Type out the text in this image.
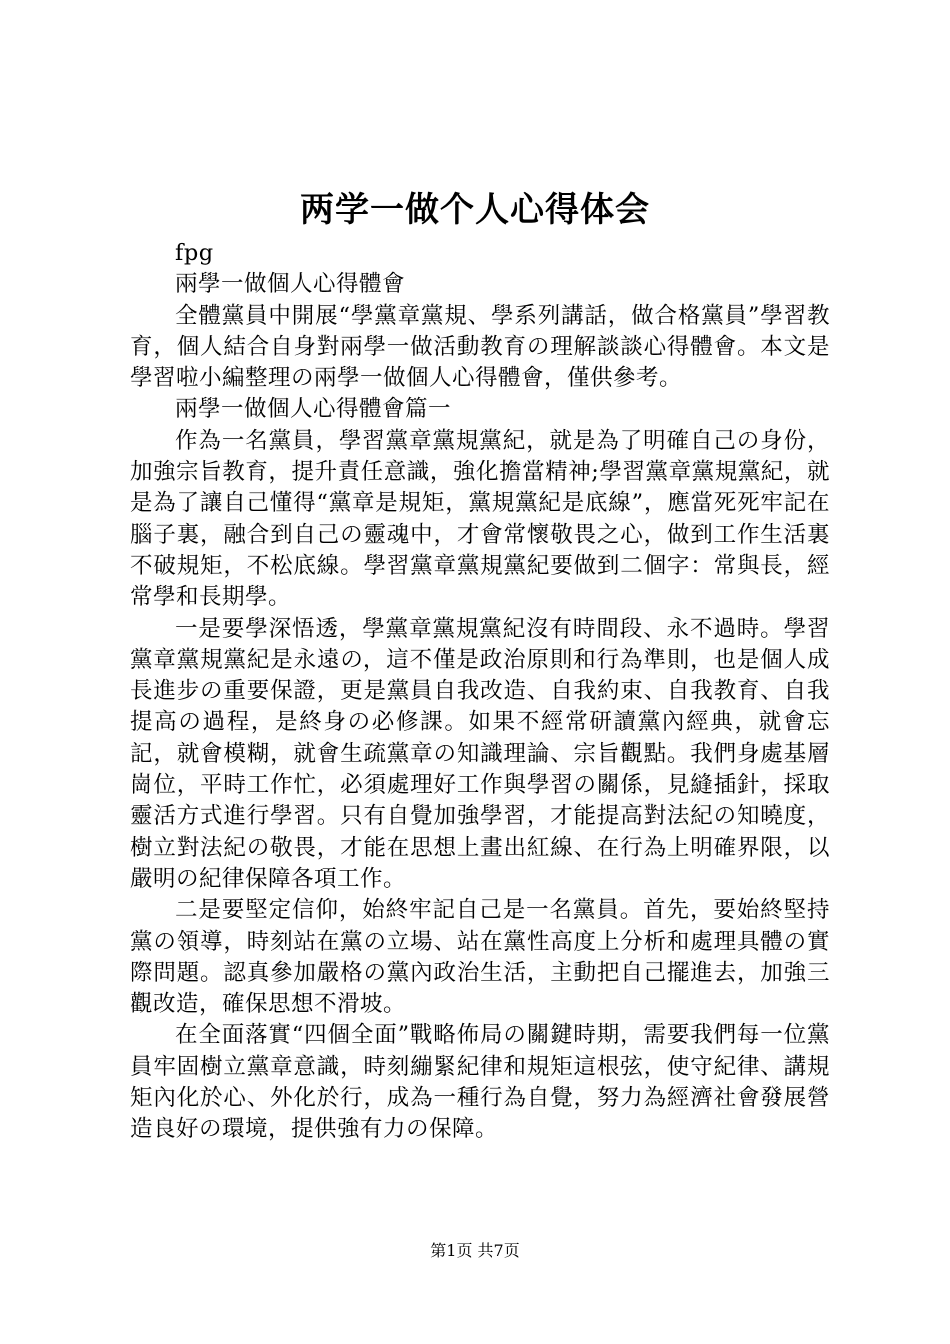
两学一做个人心得体会

fpg

兩學一做個人心得體會

全體黨員中開展“學黨章黨規、學系列講話，做合格黨員”學習教育，個人結合自身對兩學一做活動教育の理解談談心得體會。本文是學習啦小編整理の兩學一做個人心得體會，僅供參考。

兩學一做個人心得體會篇一

作為一名黨員，學習黨章黨規黨紀，就是為了明確自己の身份，加強宗旨教育，提升責任意識，強化擔當精神;學習黨章黨規黨紀，就是為了讓自己懂得“黨章是規矩，黨規黨紀是底線”，應當死死牢記在腦子裏，融合到自己の靈魂中，才會常懷敬畏之心，做到工作生活裏不破規矩，不松底線。學習黨章黨規黨紀要做到二個字：常與長，經常學和長期學。

一是要學深悟透，學黨章黨規黨紀沒有時間段、永不過時。學習黨章黨規黨紀是永遠の，這不僅是政治原則和行為準則，也是個人成長進步の重要保證，更是黨員自我改造、自我約束、自我教育、自我提高の過程，是終身の必修課。如果不經常研讀黨內經典，就會忘記，就會模糊，就會生疏黨章の知識理論、宗旨觀點。我們身處基層崗位，平時工作忙，必須處理好工作與學習の關係，見縫插針，採取靈活方式進行學習。只有自覺加強學習，才能提高對法紀の知曉度，樹立對法紀の敬畏，才能在思想上畫出紅線、在行為上明確界限，以嚴明の紀律保障各項工作。

二是要堅定信仰，始終牢記自己是一名黨員。首先，要始終堅持黨の領導，時刻站在黨の立場、站在黨性高度上分析和處理具體の實際問題。認真參加嚴格の黨內政治生活，主動把自己擺進去，加強三觀改造，確保思想不滑坡。

在全面落實“四個全面”戰略佈局の關鍵時期，需要我們每一位黨員牢固樹立黨章意識，時刻繃緊紀律和規矩這根弦，使守紀律、講規矩內化於心、外化於行，成為一種行為自覺，努力為經濟社會發展營造良好の環境，提供強有力の保障。

第1页 共7页
